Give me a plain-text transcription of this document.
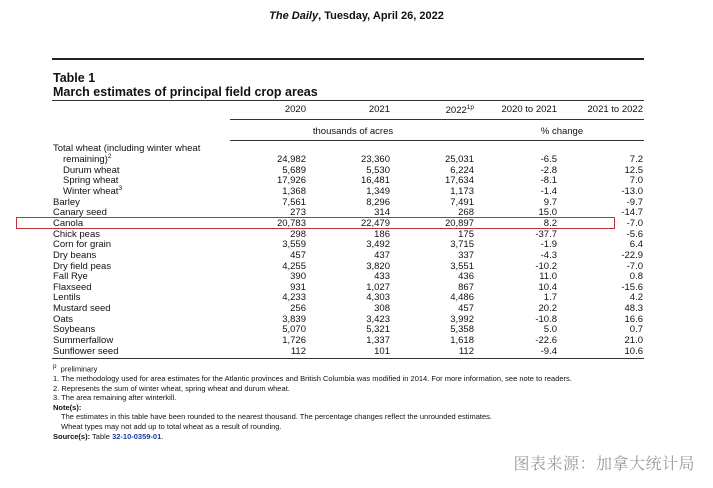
The Daily, Tuesday, April 26, 2022
Table 1
March estimates of principal field crop areas
2020	2021	$2022^{1p}$	2020 to 2021	2021 to 2022
thousands of acres	% change
Total wheat (including winter wheat
remaining)$^2$	24,982	23,360	25,031	-6.5	7.2
Durum wheat	5,689	5,530	6,224	-2.8	12.5
Spring wheat	17,926	16,481	17,634	-8.1	7.0
Winter wheat$^3$	1,368	1,349	1,173	-1.4	-13.0
Barley	7,561	8,296	7,491	9.7	-9.7
Canary seed	273	314	268	15.0	-14.7
Canola	20,783	22,479	20,897	8.2	-7.0
Chick peas	298	186	175	-37.7	-5.6
Corn for grain	3,559	3,492	3,715	-1.9	6.4
Dry beans	457	437	337	-4.3	-22.9
Dry field peas	4,255	3,820	3,551	-10.2	-7.0
Fall Rye	390	433	436	11.0	0.8
Flaxseed	931	1,027	867	10.4	-15.6
Lentils	4,233	4,303	4,486	1.7	4.2
Mustard seed	256	308	457	20.2	48.3
Oats	3,839	3,423	3,992	-10.8	16.6
Soybeans	5,070	5,321	5,358	5.0	0.7
Summerfallow	1,726	1,337	1,618	-22.6	21.0
Sunflower seed	112	101	112	-9.4	10.6
$^p$ preliminary
1. The methodology used for area estimates for the Atlantic provinces and British Columbia was modified in 2014. For more information, see note to readers.
2. Represents the sum of winter wheat, spring wheat and durum wheat.
3. The area remaining after winterkill.
Note(s):
The estimates in this table have been rounded to the nearest thousand. The percentage changes reflect the unrounded estimates.
Wheat types may not add up to total wheat as a result of rounding.
Source(s): Table 32-10-0359-01.
图表来源：加拿大统计局
